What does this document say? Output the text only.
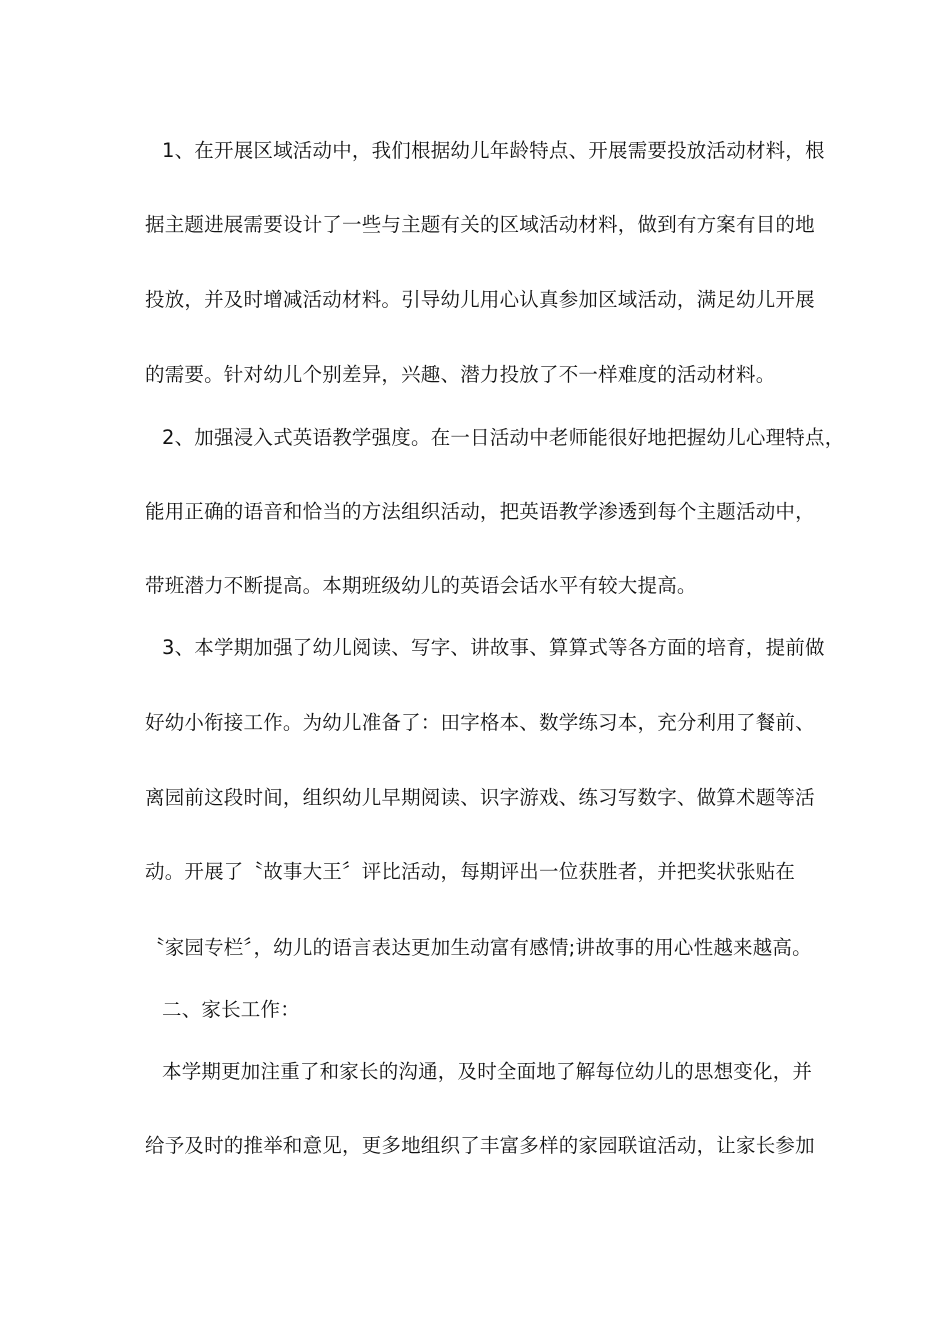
1、在开展区域活动中，我们根据幼儿年龄特点、开展需要投放活动材料，根
据主题进展需要设计了一些与主题有关的区域活动材料，做到有方案有目的地
投放，并及时增减活动材料。引导幼儿用心认真参加区域活动，满足幼儿开展
的需要。针对幼儿个别差异，兴趣、潜力投放了不一样难度的活动材料。
2、加强浸入式英语教学强度。在一日活动中老师能很好地把握幼儿心理特点，
能用正确的语音和恰当的方法组织活动，把英语教学渗透到每个主题活动中，
带班潜力不断提高。本期班级幼儿的英语会话水平有较大提高。
3、本学期加强了幼儿阅读、写字、讲故事、算算式等各方面的培育，提前做
好幼小衔接工作。为幼儿准备了：田字格本、数学练习本，充分利用了餐前、
离园前这段时间，组织幼儿早期阅读、识字游戏、练习写数字、做算术题等活
动。开展了〝故事大王〞评比活动，每期评出一位获胜者，并把奖状张贴在
〝家园专栏〞，幼儿的语言表达更加生动富有感情;讲故事的用心性越来越高。
二、家长工作：
本学期更加注重了和家长的沟通，及时全面地了解每位幼儿的思想变化，并
给予及时的推举和意见，更多地组织了丰富多样的家园联谊活动，让家长参加
